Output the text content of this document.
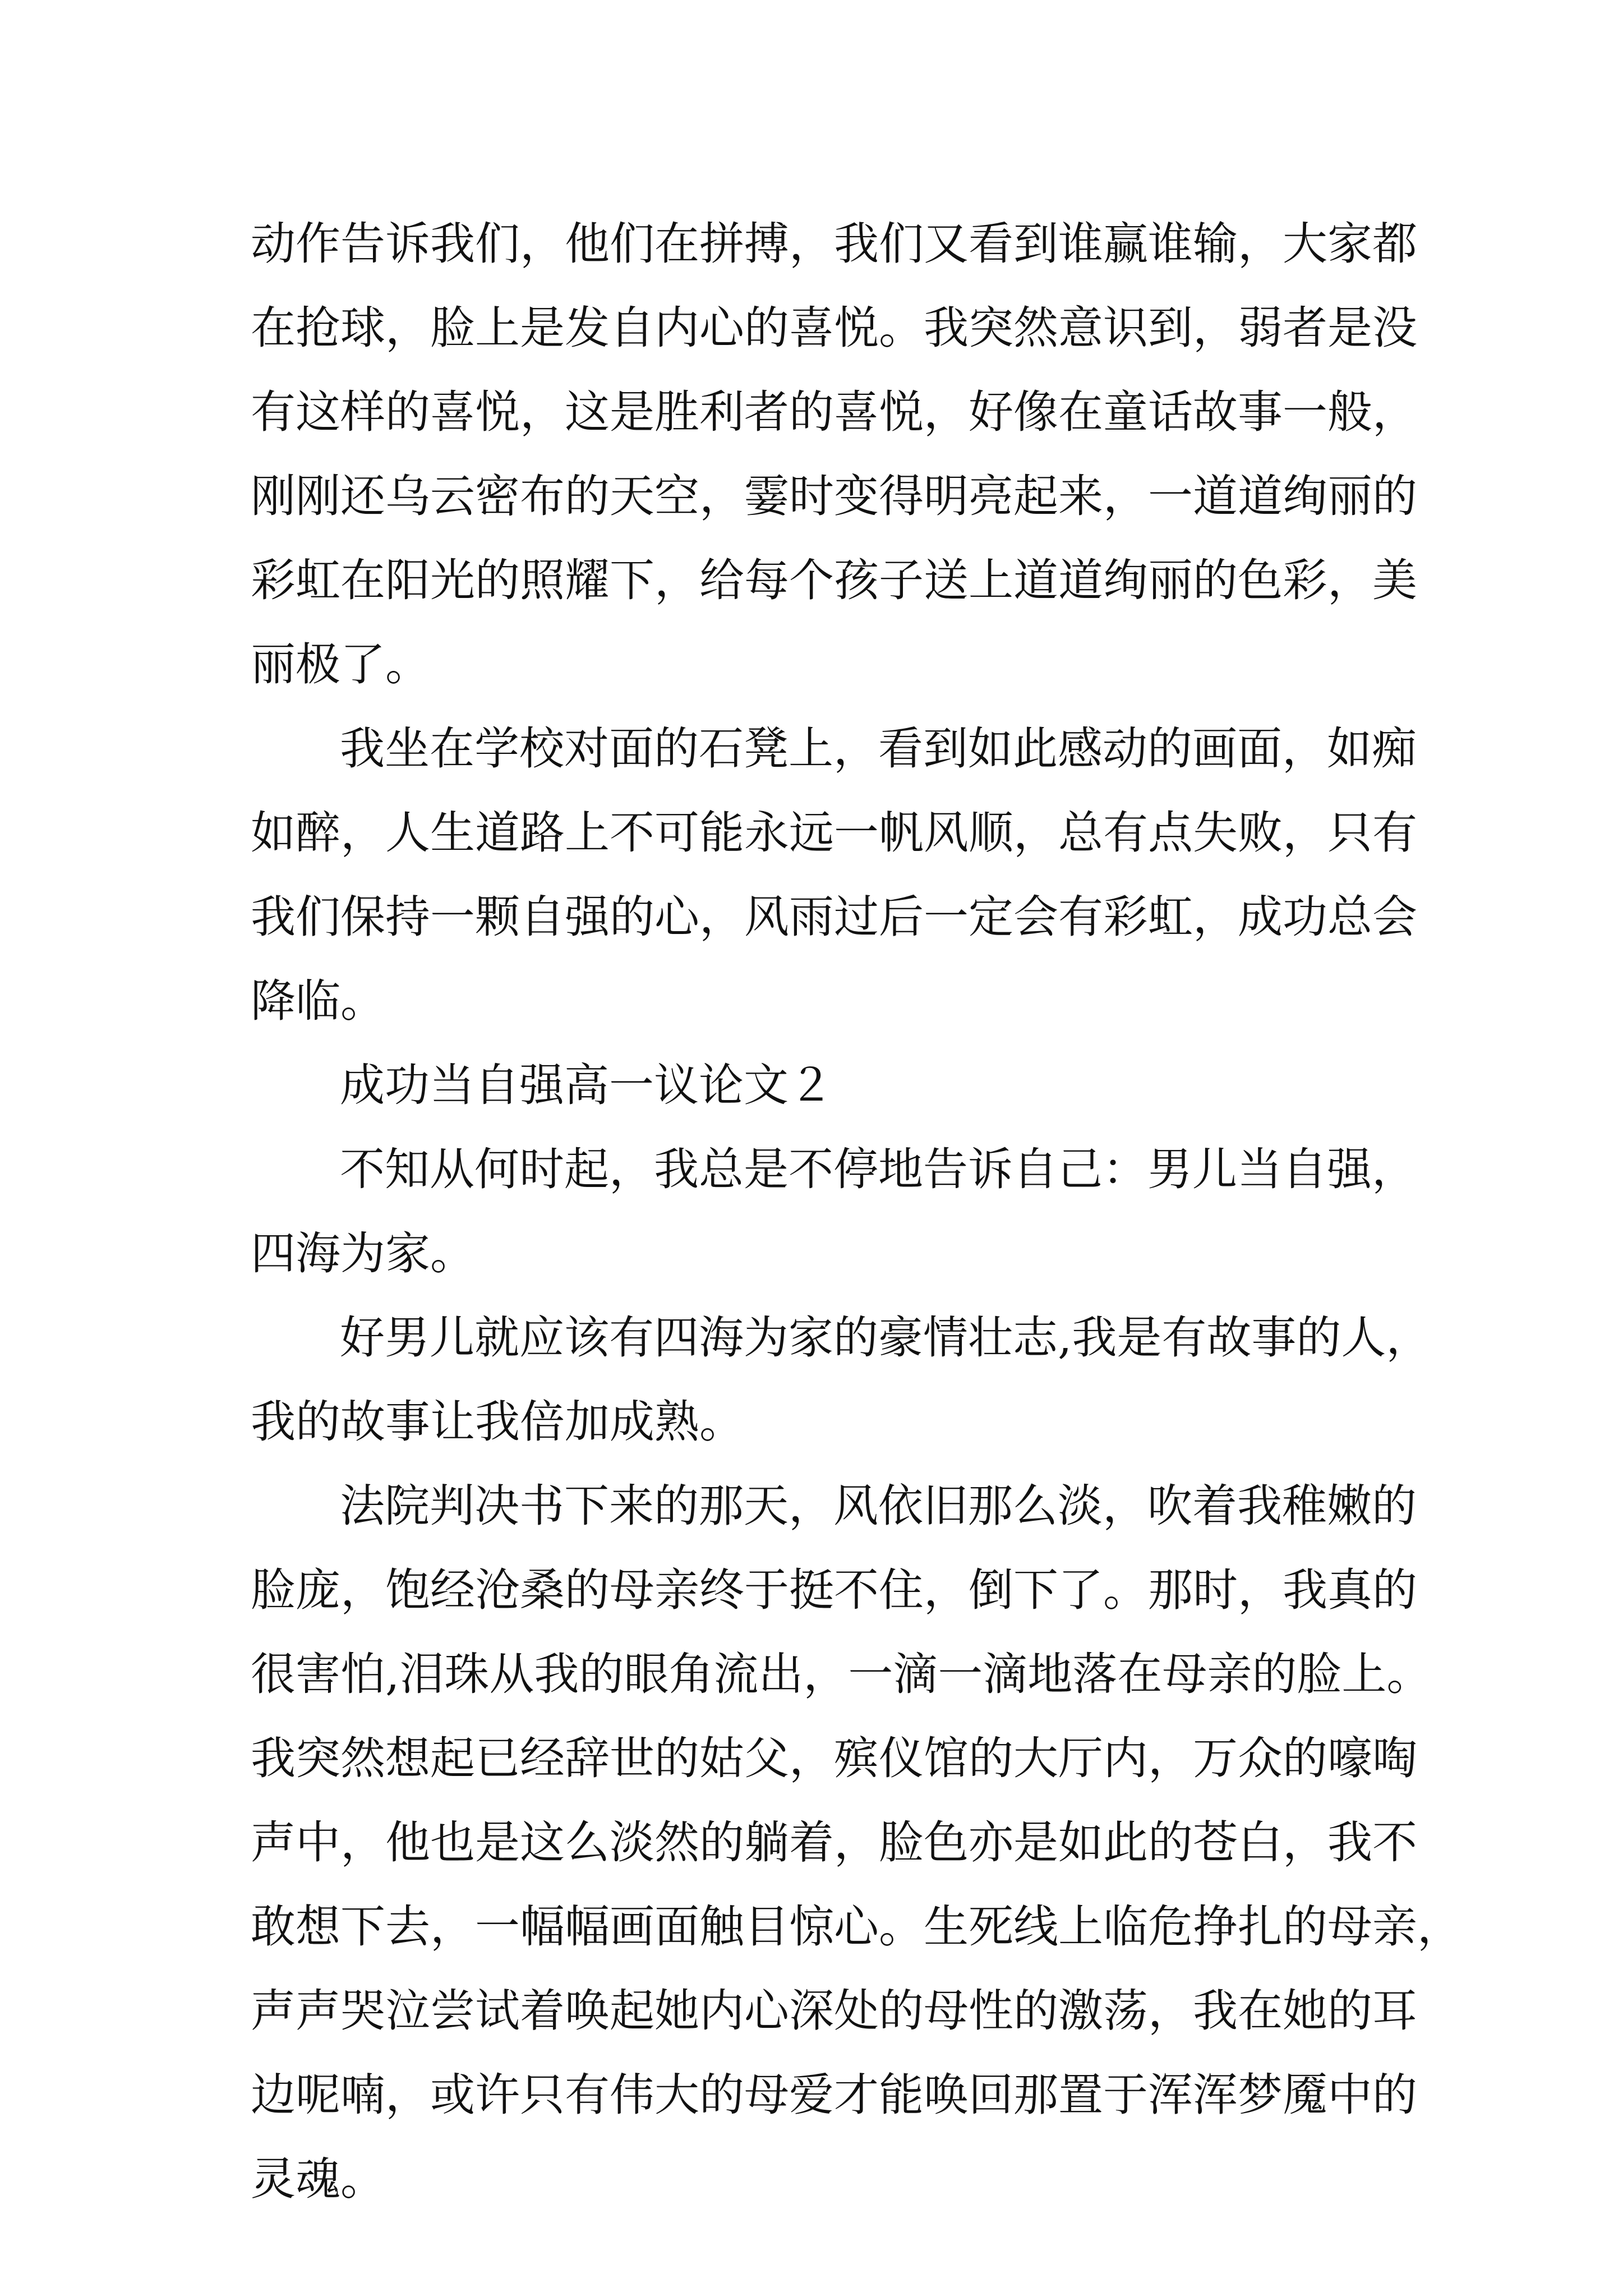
动作告诉我们，他们在拼搏，我们又看到谁赢谁输，大家都

在抢球，脸上是发自内心的喜悦。我突然意识到，弱者是没

有这样的喜悦，这是胜利者的喜悦，好像在童话故事一般，

刚刚还乌云密布的天空，霎时变得明亮起来，一道道绚丽的

彩虹在阳光的照耀下，给每个孩子送上道道绚丽的色彩，美

丽极了。

我坐在学校对面的石凳上，看到如此感动的画面，如痴

如醉，人生道路上不可能永远一帆风顺，总有点失败，只有

我们保持一颗自强的心，风雨过后一定会有彩虹，成功总会

降临。

成功当自强高一议论文２

不知从何时起，我总是不停地告诉自己：男儿当自强，

四海为家。

好男儿就应该有四海为家的豪情壮志,我是有故事的人，

我的故事让我倍加成熟。

法院判决书下来的那天，风依旧那么淡，吹着我稚嫩的

脸庞，饱经沧桑的母亲终于挺不住，倒下了。那时，我真的

很害怕,泪珠从我的眼角流出，一滴一滴地落在母亲的脸上。

我突然想起已经辞世的姑父，殡仪馆的大厅内，万众的嚎啕

声中，他也是这么淡然的躺着，脸色亦是如此的苍白，我不

敢想下去，一幅幅画面触目惊心。生死线上临危挣扎的母亲，

声声哭泣尝试着唤起她内心深处的母性的激荡，我在她的耳

边呢喃，或许只有伟大的母爱才能唤回那置于浑浑梦魇中的

灵魂。
